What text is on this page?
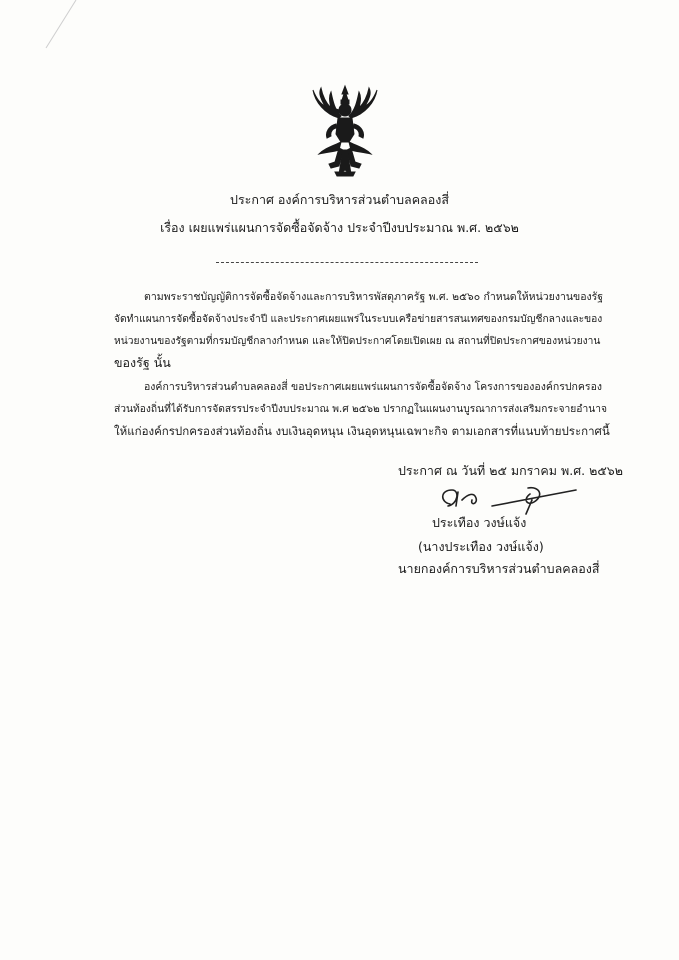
ประกาศ องค์การบริหารส่วนตำบลคลองสี่
เรื่อง เผยแพร่แผนการจัดซื้อจัดจ้าง ประจำปีงบประมาณ พ.ศ. ๒๕๖๒
ตามพระราชบัญญัติการจัดซื้อจัดจ้างและการบริหารพัสดุภาครัฐ พ.ศ. ๒๕๖๐ กำหนดให้หน่วยงานของรัฐ
จัดทำแผนการจัดซื้อจัดจ้างประจำปี และประกาศเผยแพร่ในระบบเครือข่ายสารสนเทศของกรมบัญชีกลางและของ
หน่วยงานของรัฐตามที่กรมบัญชีกลางกำหนด และให้ปิดประกาศโดยเปิดเผย ณ สถานที่ปิดประกาศของหน่วยงาน
ของรัฐ นั้น
องค์การบริหารส่วนตำบลคลองสี่ ขอประกาศเผยแพร่แผนการจัดซื้อจัดจ้าง โครงการขององค์กรปกครอง
ส่วนท้องถิ่นที่ได้รับการจัดสรรประจำปีงบประมาณ พ.ศ ๒๕๖๒ ปรากฏในแผนงานบูรณาการส่งเสริมกระจายอำนาจ
ให้แก่องค์กรปกครองส่วนท้องถิ่น งบเงินอุดหนุน เงินอุดหนุนเฉพาะกิจ ตามเอกสารที่แนบท้ายประกาศนี้
ประกาศ ณ วันที่ ๒๕ มกราคม พ.ศ. ๒๕๖๒
ประเทือง วงษ์แจ้ง
(นางประเทือง วงษ์แจ้ง)
นายกองค์การบริหารส่วนตำบลคลองสี่
